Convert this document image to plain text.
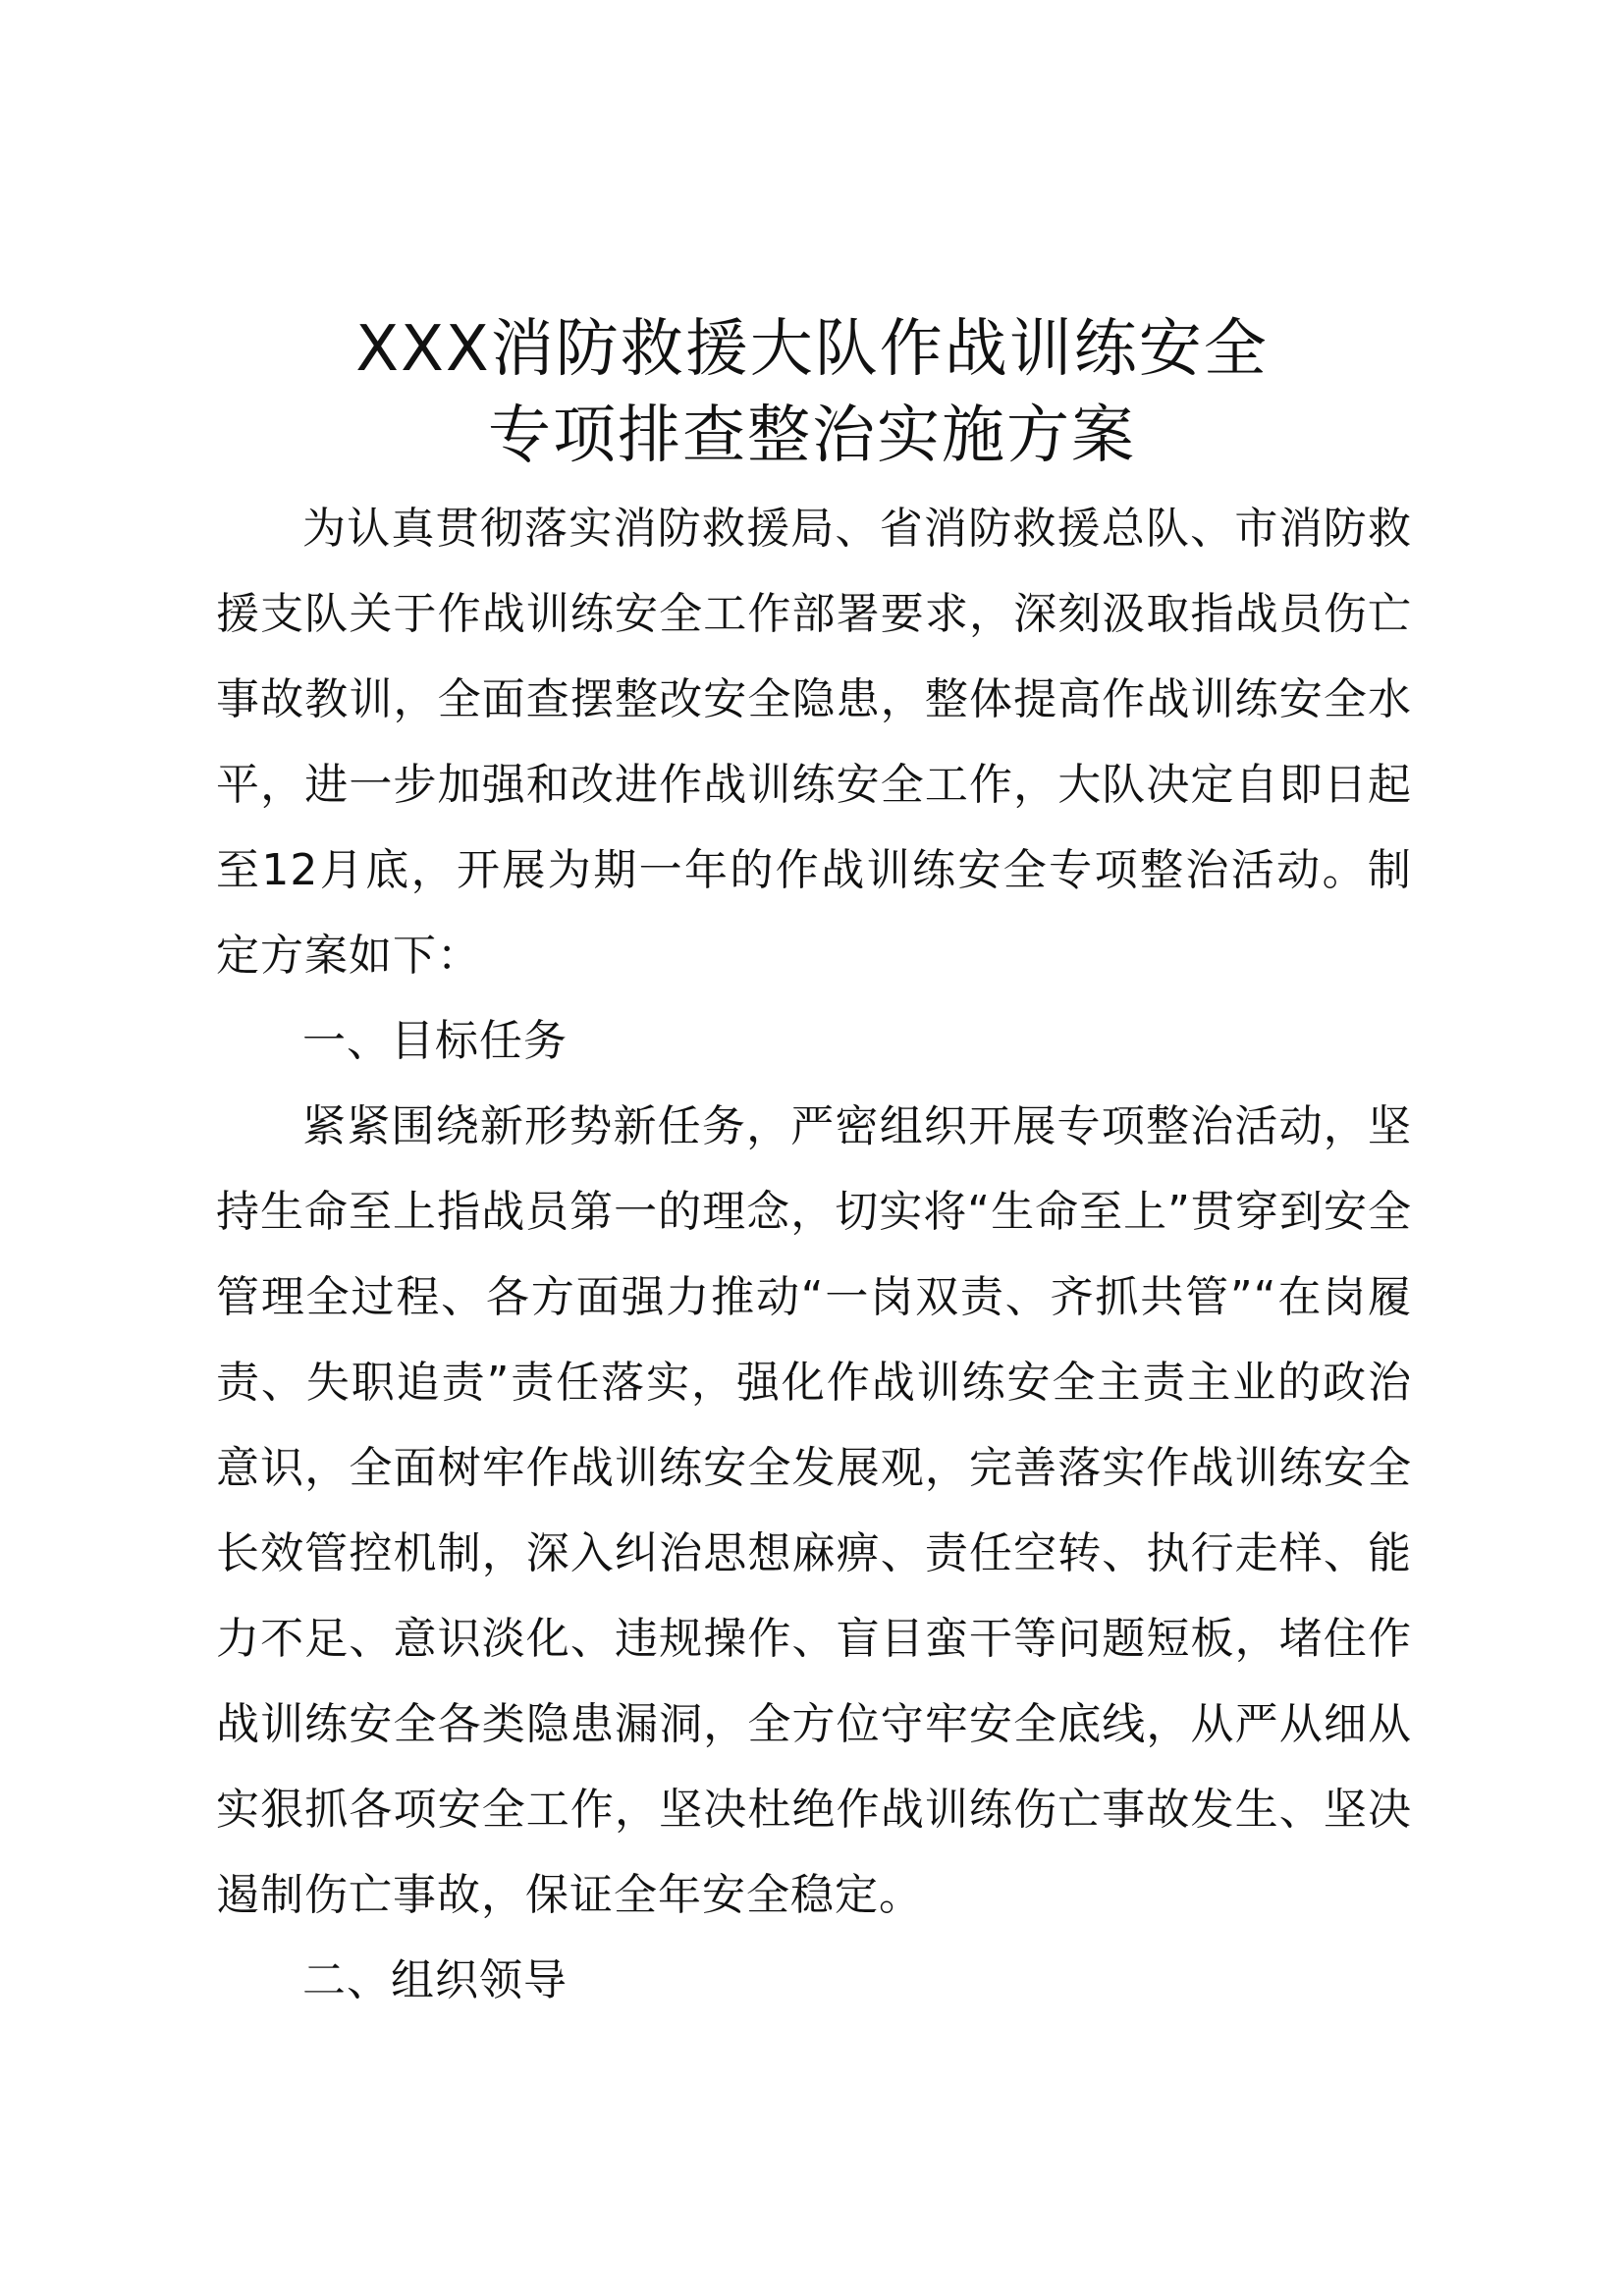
XXX消防救援大队作战训练安全
专项排查整治实施方案

为认真贯彻落实消防救援局、省消防救援总队、市消防救援支队关于作战训练安全工作部署要求，深刻汲取指战员伤亡事故教训，全面查摆整改安全隐患，整体提高作战训练安全水平，进一步加强和改进作战训练安全工作，大队决定自即日起至12月底，开展为期一年的作战训练安全专项整治活动。制定方案如下：

一、目标任务

紧紧围绕新形势新任务，严密组织开展专项整治活动，坚持生命至上指战员第一的理念，切实将“生命至上”贯穿到安全管理全过程、各方面强力推动“一岗双责、齐抓共管”“在岗履责、失职追责”责任落实，强化作战训练安全主责主业的政治意识，全面树牢作战训练安全发展观，完善落实作战训练安全长效管控机制，深入纠治思想麻痹、责任空转、执行走样、能力不足、意识淡化、违规操作、盲目蛮干等问题短板，堵住作战训练安全各类隐患漏洞，全方位守牢安全底线，从严从细从实狠抓各项安全工作，坚决杜绝作战训练伤亡事故发生、坚决遏制伤亡事故，保证全年安全稳定。

二、组织领导
